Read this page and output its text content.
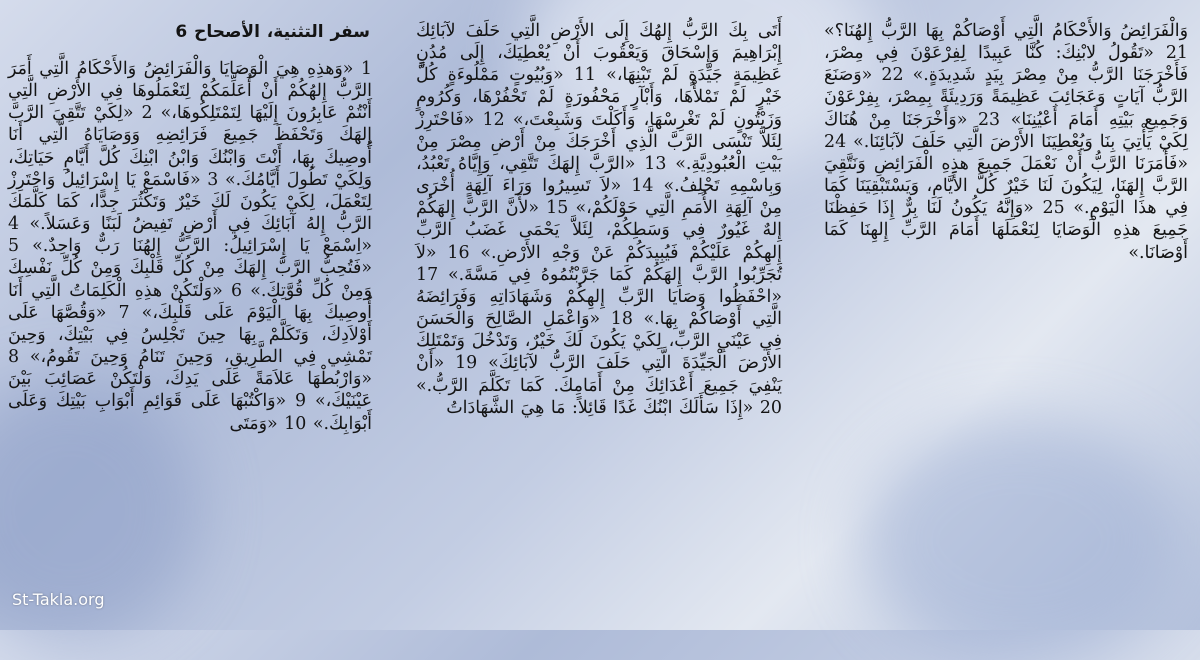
سفر التثنية، الأصحاح 6

1 «وَهذِهِ هِيَ الْوَصَايَا وَالْفَرَائِضُ وَالأَحْكَامُ الَّتِي أَمَرَ الرَّبُّ إِلهُكُمْ أَنْ أُعَلِّمَكُمْ لِتَعْمَلُوهَا فِي الأَرْضِ الَّتِي أَنْتُمْ عَابِرُونَ إِلَيْهَا لِتَمْتَلِكُوهَا،» 2 «لِكَيْ تَتَّقِيَ الرَّبَّ إِلهَكَ وَتَحْفَظَ جَمِيعَ فَرَائِضِهِ وَوَصَايَاهُ الَّتِي أَنَا أُوصِيكَ بِهَا، أَنْتَ وَابْنُكَ وَابْنُ ابْنِكَ كُلَّ أَيَّامِ حَيَاتِكَ، وَلِكَيْ تَطُولَ أَيَّامُكَ.» 3 «فَاسْمَعْ يَا إِسْرَائِيلُ وَاحْتَرِزْ لِتَعْمَلَ، لِكَيْ يَكُونَ لَكَ خَيْرٌ وَتَكْثُرَ جِدًّا، كَمَا كَلَّمَكَ الرَّبُّ إِلهُ آبَائِكَ فِي أَرْضٍ تَفِيضُ لَبَنًا وَعَسَلاً.» 4 «اِسْمَعْ يَا إِسْرَائِيلُ: الرَّبُّ إِلهُنَا رَبٌّ وَاحِدٌ.» 5 «فَتُحِبُّ الرَّبَّ إِلهَكَ مِنْ كُلِّ قَلْبِكَ وَمِنْ كُلِّ نَفْسِكَ وَمِنْ كُلِّ قُوَّتِكَ.» 6 «وَلْتَكُنْ هذِهِ الْكَلِمَاتُ الَّتِي أَنَا أُوصِيكَ بِهَا الْيَوْمَ عَلَى قَلْبِكَ،» 7 «وَقُصَّهَا عَلَى أَوْلاَدِكَ، وَتَكَلَّمْ بِهَا حِينَ تَجْلِسُ فِي بَيْتِكَ، وَحِينَ تَمْشِي فِي الطَّرِيقِ، وَحِينَ تَنَامُ وَحِينَ تَقُومُ،» 8 «وَارْبُطْهَا عَلاَمَةً عَلَى يَدِكَ، وَلْتَكُنْ عَصَائِبَ بَيْنَ عَيْنَيْكَ،» 9 «وَاكْتُبْهَا عَلَى قَوَائِمِ أَبْوَابِ بَيْتِكَ وَعَلَى أَبْوَابِكَ.» 10 «وَمَتَى

أَتَى بِكَ الرَّبُّ إِلهُكَ إِلَى الأَرْضِ الَّتِي حَلَفَ لآبَائِكَ إِبْرَاهِيمَ وَإِسْحَاقَ وَيَعْقُوبَ أَنْ يُعْطِيَكَ، إِلَى مُدُنٍ عَظِيمَةٍ جَيِّدَةٍ لَمْ تَبْنِهَا،» 11 «وَبُيُوتٍ مَمْلُوءَةٍ كُلَّ خَيْرٍ لَمْ تَمْلأْهَا، وَأَبْآرٍ مَحْفُورَةٍ لَمْ تَحْفُرْهَا، وَكُرُومٍ وَزَيْتُونٍ لَمْ تَغْرِسْهَا، وَأَكَلْتَ وَشَبِعْتَ،» 12 «فَاحْتَرِزْ لِئَلاَّ تَنْسَى الرَّبَّ الَّذِي أَخْرَجَكَ مِنْ أَرْضِ مِصْرَ مِنْ بَيْتِ الْعُبُودِيَّةِ.» 13 «الرَّبَّ إِلهَكَ تَتَّقِي، وَإِيَّاهُ تَعْبُدُ، وَبِاسْمِهِ تَحْلِفُ.» 14 «لاَ تَسِيرُوا وَرَاءَ آلِهَةٍ أُخْرَى مِنْ آلِهَةِ الأُمَمِ الَّتِي حَوْلَكُمْ،» 15 «لأَنَّ الرَّبَّ إِلهَكُمْ إِلهٌ غَيُورٌ فِي وَسَطِكُمْ، لِئَلاَّ يَحْمَى غَضَبُ الرَّبِّ إِلهِكُمْ عَلَيْكُمْ فَيُبِيدَكُمْ عَنْ وَجْهِ الأَرْضِ.» 16 «لاَ تُجَرِّبُوا الرَّبَّ إِلهَكُمْ كَمَا جَرَّبْتُمُوهُ فِي مَسَّةَ.» 17 «احْفَظُوا وَصَايَا الرَّبِّ إِلهِكُمْ وَشَهَادَاتِهِ وَفَرَائِضَهُ الَّتِي أَوْصَاكُمْ بِهَا.» 18 «وَاعْمَلِ الصَّالِحَ وَالْحَسَنَ فِي عَيْنَيِ الرَّبِّ، لِكَيْ يَكُونَ لَكَ خَيْرٌ، وَتَدْخُلَ وَتَمْتَلِكَ الأَرْضَ الْجَيِّدَةَ الَّتِي حَلَفَ الرَّبُّ لآبَائِكَ» 19 «أَنْ يَنْفِيَ جَمِيعَ أَعْدَائِكَ مِنْ أَمَامِكَ. كَمَا تَكَلَّمَ الرَّبُّ.» 20 «إِذَا سَأَلَكَ ابْنُكَ غَدًا قَائِلاً: مَا هِيَ الشَّهَادَاتُ

وَالْفَرَائِضُ وَالأَحْكَامُ الَّتِي أَوْصَاكُمْ بِهَا الرَّبُّ إِلهُنَا؟» 21 «تَقُولُ لابْنِكَ: كُنَّا عَبِيدًا لِفِرْعَوْنَ فِي مِصْرَ، فَأَخْرَجَنَا الرَّبُّ مِنْ مِصْرَ بِيَدٍ شَدِيدَةٍ.» 22 «وَصَنَعَ الرَّبُّ آيَاتٍ وَعَجَائِبَ عَظِيمَةً وَرَدِيئَةً بِمِصْرَ، بِفِرْعَوْنَ وَجَمِيعِ بَيْتِهِ أَمَامَ أَعْيُنِنَا» 23 «وَأَخْرَجَنَا مِنْ هُنَاكَ لِكَيْ يَأْتِيَ بِنَا وَيُعْطِيَنَا الأَرْضَ الَّتِي حَلَفَ لآبَائِنَا.» 24 «فَأَمَرَنَا الرَّبُّ أَنْ نَعْمَلَ جَمِيعَ هذِهِ الْفَرَائِضِ وَنَتَّقِيَ الرَّبَّ إِلهَنَا، لِيَكُونَ لَنَا خَيْرٌ كُلَّ الأَيَّامِ، وَيَسْتَبْقِيَنَا كَمَا فِي هذَا الْيَوْمِ.» 25 «وَإِنَّهُ يَكُونُ لَنَا بِرٌّ إِذَا حَفِظْنَا جَمِيعَ هذِهِ الْوَصَايَا لِنَعْمَلَهَا أَمَامَ الرَّبِّ إِلهِنَا كَمَا أَوْصَانَا.»

St-Takla.org
